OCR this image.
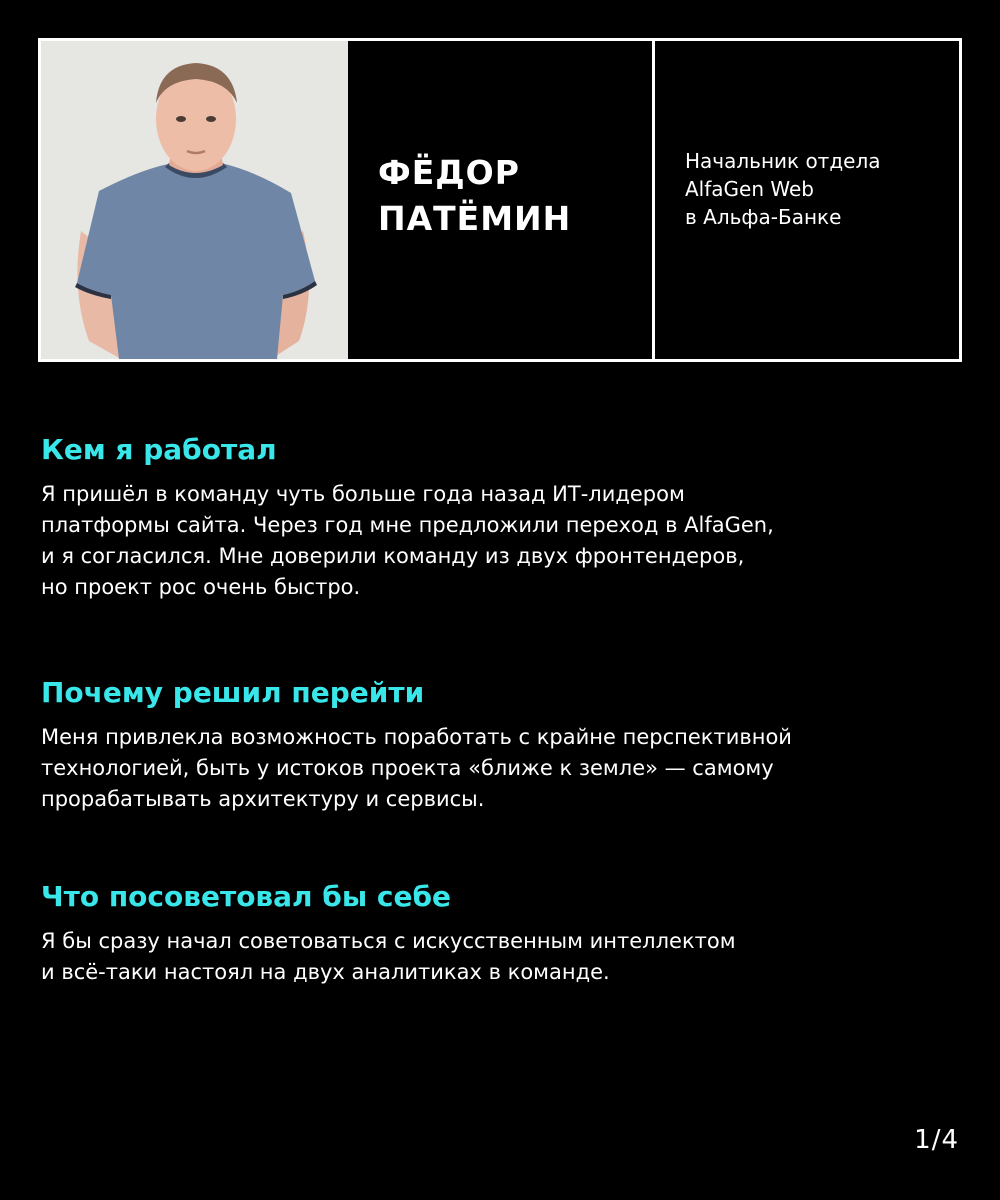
ФЁДОР
ПАТЁМИН

Начальник отдела
AlfaGen Web
в Альфа-Банке

Кем я работал

Я пришёл в команду чуть больше года назад ИТ-лидером
платформы сайта. Через год мне предложили переход в AlfaGen,
и я согласился. Мне доверили команду из двух фронтендеров,
но проект рос очень быстро.

Почему решил перейти

Меня привлекла возможность поработать с крайне перспективной
технологией, быть у истоков проекта «ближе к земле» — самому
прорабатывать архитектуру и сервисы.

Что посоветовал бы себе

Я бы сразу начал советоваться с искусственным интеллектом
и всё-таки настоял на двух аналитиках в команде.

1/4
